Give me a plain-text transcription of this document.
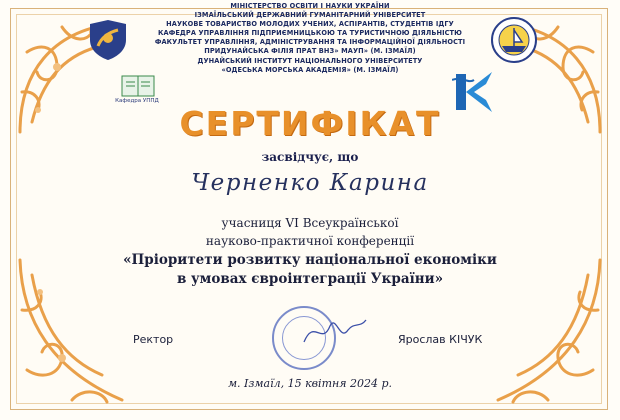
Кафедра УППД
МІНІСТЕРСТВО ОСВІТИ І НАУКИ УКРАЇНИ
ІЗМАЇЛЬСЬКИЙ ДЕРЖАВНИЙ ГУМАНІТАРНИЙ УНІВЕРСИТЕТ
НАУКОВЕ ТОВАРИСТВО МОЛОДИХ УЧЕНИХ, АСПІРАНТІВ, СТУДЕНТІВ ІДГУ
КАФЕДРА УПРАВЛІННЯ ПІДПРИЄМНИЦЬКОЮ ТА ТУРИСТИЧНОЮ ДІЯЛЬНІСТЮ
ФАКУЛЬТЕТ УПРАВЛІННЯ, АДМІНІСТРУВАННЯ ТА ІНФОРМАЦІЙНОЇ ДІЯЛЬНОСТІ
ПРИДУНАЙСЬКА ФІЛІЯ ПРАТ ВНЗ» МАУП» (М. ІЗМАЇЛ)
ДУНАЙСЬКИЙ ІНСТИТУТ НАЦІОНАЛЬНОГО УНІВЕРСИТЕТУ
«ОДЕСЬКА МОРСЬКА АКАДЕМІЯ» (М. ІЗМАЇЛ)
СЕРТИФІКАТ
засвідчує, що
Черненко Карина
учасниця VI Всеукраїнської
науково-практичної конференції
«Пріоритети розвитку національної економіки
в умовах євроінтеграції України»
Ректор	Ярослав КІЧУК
м. Ізмаїл, 15 квітня 2024 р.
